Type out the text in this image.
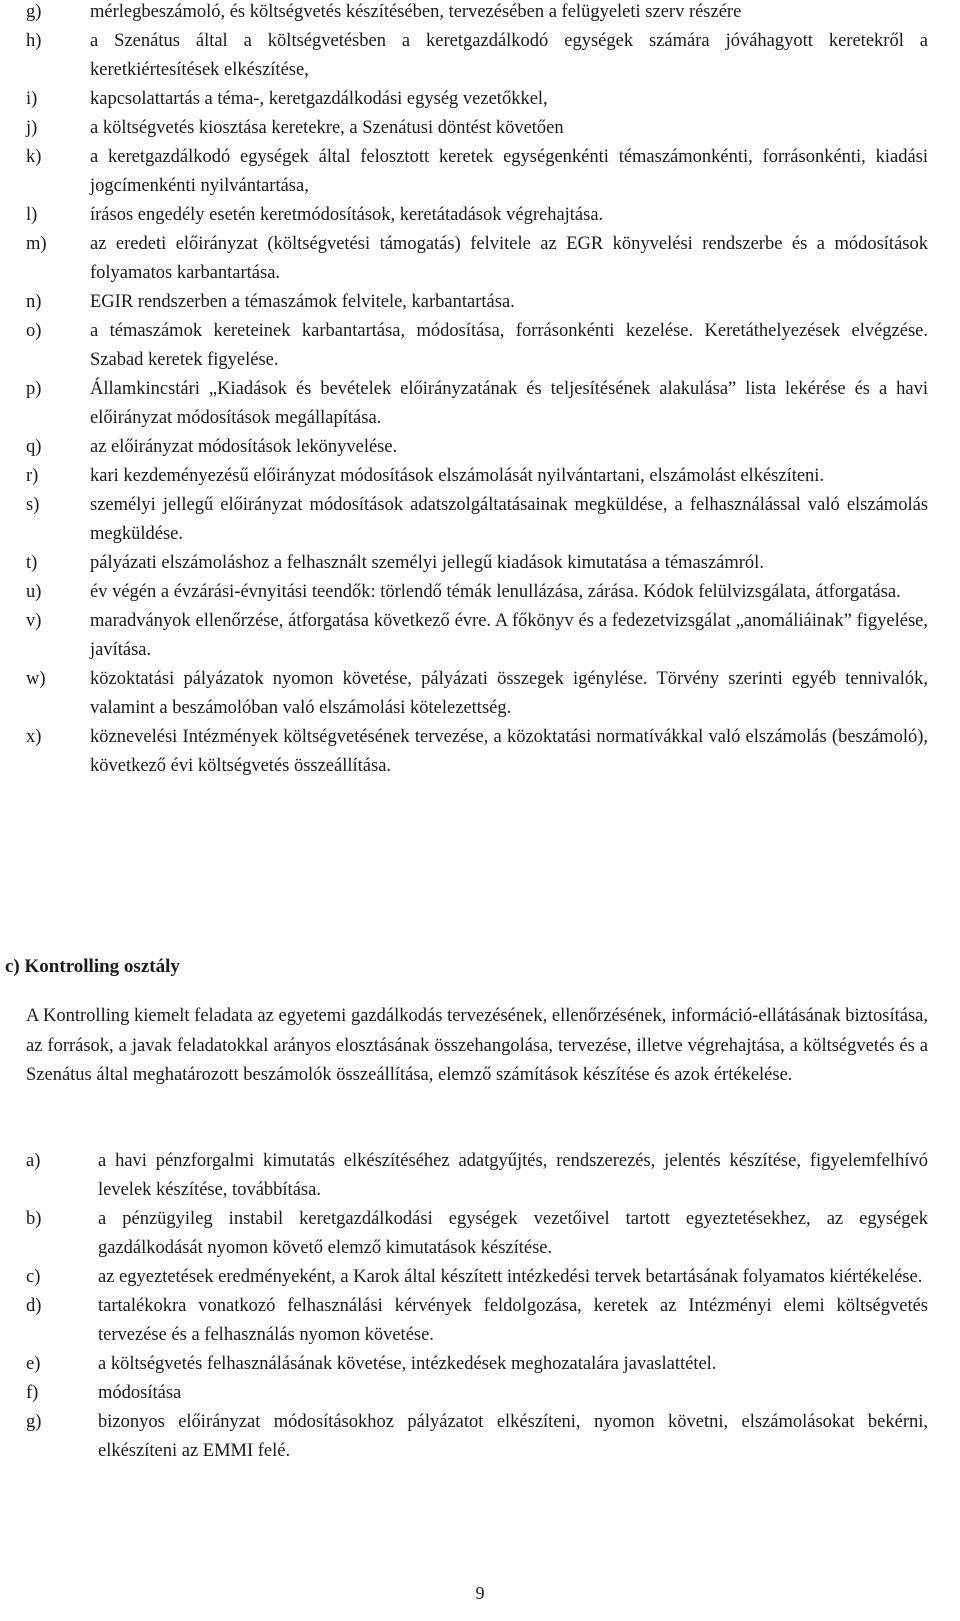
g)	mérlegbeszámoló, és költségvetés készítésében, tervezésében a felügyeleti szerv részére
h)	a Szenátus által a költségvetésben a keretgazdálkodó egységek számára jóváhagyott keretekről a keretkiértesítések elkészítése,
i)	kapcsolattartás a téma-, keretgazdálkodási egység vezetőkkel,
j)	a költségvetés kiosztása keretekre, a Szenátusi döntést követően
k)	a keretgazdálkodó egységek által felosztott keretek egységenkénti témaszámonkénti, forrásonkénti, kiadási jogcímenkénti nyilvántartása,
l)	írásos engedély esetén keretmódosítások, keretátadások végrehajtása.
m)	az eredeti előirányzat (költségvetési támogatás) felvitele az EGR könyvelési rendszerbe és a módosítások folyamatos karbantartása.
n)	EGIR rendszerben a témaszámok felvitele, karbantartása.
o)	a témaszámok kereteinek karbantartása, módosítása, forrásonkénti kezelése. Keretáthelyezések elvégzése. Szabad keretek figyelése.
p)	Államkincstári „Kiadások és bevételek előirányzatának és teljesítésének alakulása” lista lekérése és a havi előirányzat módosítások megállapítása.
q)	az előirányzat módosítások lekönyvelése.
r)	kari kezdeményezésű előirányzat módosítások elszámolását nyilvántartani, elszámolást elkészíteni.
s)	személyi jellegű előirányzat módosítások adatszolgáltatásainak megküldése, a felhasználással való elszámolás megküldése.
t)	pályázati elszámoláshoz a felhasznált személyi jellegű kiadások kimutatása a témaszámról.
u)	év végén a évzárási-évnyitási teendők: törlendő témák lenullázása, zárása. Kódok felülvizsgálata, átforgatása.
v)	maradványok ellenőrzése, átforgatása következő évre. A főkönyv és a fedezetvizsgálat „anomáliáinak” figyelése, javítása.
w)	közoktatási pályázatok nyomon követése, pályázati összegek igénylése. Törvény szerinti egyéb tennivalók, valamint a beszámolóban való elszámolási kötelezettség.
x)	köznevelési Intézmények költségvetésének tervezése, a közoktatási normatívákkal való elszámolás (beszámoló), következő évi költségvetés összeállítása.
c) Kontrolling osztály

A Kontrolling kiemelt feladata az egyetemi gazdálkodás tervezésének, ellenőrzésének, információ-ellátásának biztosítása, az források, a javak feladatokkal arányos elosztásának összehangolása, tervezése, illetve végrehajtása, a költségvetés és a Szenátus által meghatározott beszámolók összeállítása, elemző számítások készítése és azok értékelése.

a)	a havi pénzforgalmi kimutatás elkészítéséhez adatgyűjtés, rendszerezés, jelentés készítése, figyelemfelhívó levelek készítése, továbbítása.
b)	a pénzügyileg instabil keretgazdálkodási egységek vezetőivel tartott egyeztetésekhez, az egységek gazdálkodását nyomon követő elemző kimutatások készítése.
c)	az egyeztetések eredményeként, a Karok által készített intézkedési tervek betartásának folyamatos kiértékelése.
d)	tartalékokra vonatkozó felhasználási kérvények feldolgozása, keretek az Intézményi elemi költségvetés tervezése és a felhasználás nyomon követése.
e)	a költségvetés felhasználásának követése, intézkedések meghozatalára javaslattétel.
f)	módosítása
g)	bizonyos előirányzat módosításokhoz pályázatot elkészíteni, nyomon követni, elszámolásokat bekérni, elkészíteni az EMMI felé.
9
